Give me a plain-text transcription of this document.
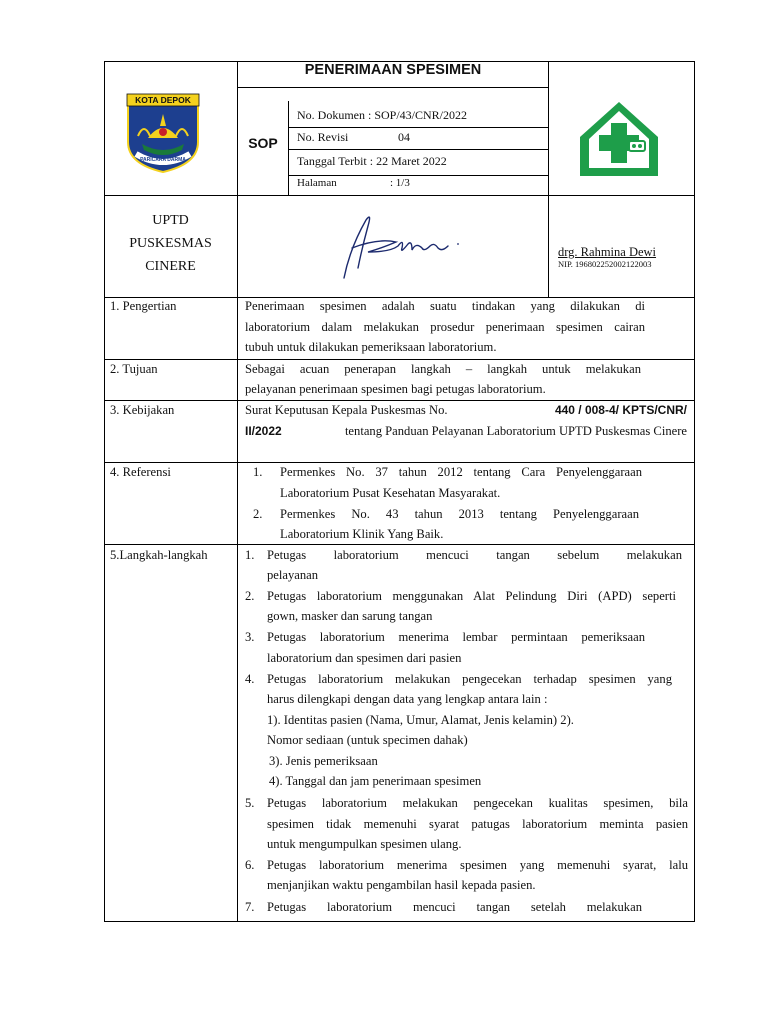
KOTA DEPOK
PARICARA DARMA
PENERIMAAN SPESIMEN
SOP
No. Dokumen : SOP/43/CNR/2022
No. Revisi	04
Tanggal Terbit : 22 Maret 2022
Halaman	: 1/3
UPTD
PUSKESMAS
CINERE
drg. Rahmina Dewi
NIP. 196802252002122003
1. Pengertian	Penerimaan spesimen adalah suatu tindakan yang dilakukan di
laboratorium dalam melakukan prosedur penerimaan spesimen cairan
tubuh untuk dilakukan pemeriksaan laboratorium.
2. Tujuan	Sebagai acuan penerapan langkah – langkah untuk melakukan
pelayanan penerimaan spesimen bagi petugas laboratorium.
3. Kebijakan	Surat Keputusan Kepala Puskesmas No.	440 / 008-4/ KPTS/CNR/
II/2022	tentang Panduan Pelayanan Laboratorium UPTD Puskesmas Cinere
4. Referensi	1. Permenkes No. 37 tahun 2012 tentang Cara Penyelenggaraan
Laboratorium Pusat Kesehatan Masyarakat.
2. Permenkes No. 43 tahun 2013 tentang Penyelenggaraan
Laboratorium Klinik Yang Baik.
5.Langkah-langkah	1. Petugas laboratorium mencuci tangan sebelum melakukan
pelayanan
2. Petugas laboratorium menggunakan Alat Pelindung Diri (APD) seperti
gown, masker dan sarung tangan
3. Petugas laboratorium menerima lembar permintaan pemeriksaan
laboratorium dan spesimen dari pasien
4. Petugas laboratorium melakukan pengecekan terhadap spesimen yang
harus dilengkapi dengan data yang lengkap antara lain :
1). Identitas pasien (Nama, Umur, Alamat, Jenis kelamin) 2).
Nomor sediaan (untuk specimen dahak)
3). Jenis pemeriksaan
4). Tanggal dan jam penerimaan spesimen
5. Petugas laboratorium melakukan pengecekan kualitas spesimen, bila
spesimen tidak memenuhi syarat patugas laboratorium meminta pasien
untuk mengumpulkan spesimen ulang.
6. Petugas laboratorium menerima spesimen yang memenuhi syarat, lalu
menjanjikan waktu pengambilan hasil kepada pasien.
7. Petugas laboratorium mencuci tangan setelah melakukan
